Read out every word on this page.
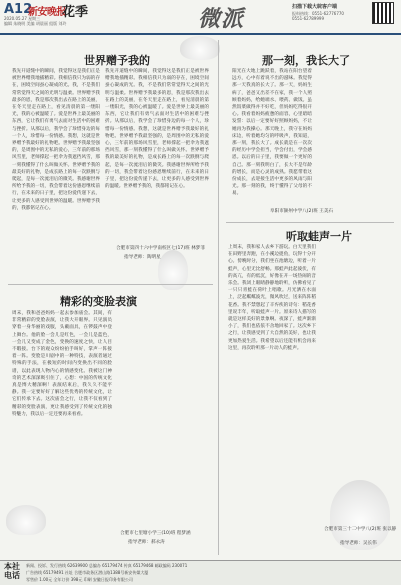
A12
新安晚报
花季
2020.05.27 星期三
编辑 朱晓明 美编 胡晨丽 组版 刘玲	微派	扫描下载大皖客户端
报料热线：0551-62776770
0551-62789999
世界赠予我的
我先开道缝中的瞬间，我觉得这是我们正是被世界赠我地插精彩。我相信我只为弱的存在，困境空间蚕心凝成的光。我，不是我们常常觉得天之间的光明与温柔。世界赠予我最多的恩，我是那次我出去在路上的美丽，在冬天里走在路上，看见清晨的第一缕阳光，我的心被温暖了。爱是世界上最美丽的东西，它让我们有勇气去面对生活中的困难与挫折。从那以后，我学会了珍惜身边的每一个人，珍惜每一份情感。我想，这就是世界赠予我最好的礼物吧。世界赠予我最坚强的，是周围中的无私的爱心，三年前的那场风雪里，老师撑起一把伞为我遮挡风雪，那一刻我懂得了什么叫做关怀。世界赠予我的最美好的礼物，是成长路上的每一次跌倒与爬起，是每一次流泪后的微笑。我感谢世界所给予我的一切，我会带着这份感恩继续前行，在未来的日子里，把这份爱传递下去，让更多的人感受到世界的温暖。世界赠予我的，我都铭记在心。
我先开道缝中的瞬间，我觉得这是我们正是被世界赠我地插精彩。我相信我只为弱的存在，困境空间蚕心凝成的光。我，不是我们常常觉得天之间的光明与温柔。世界赠予我最多的恩，我是那次我出去在路上的美丽，在冬天里走在路上，看见清晨的第一缕阳光，我的心被温暖了。爱是世界上最美丽的东西，它让我们有勇气去面对生活中的困难与挫折。从那以后，我学会了珍惜身边的每一个人，珍惜每一份情感。我想，这就是世界赠予我最好的礼物吧。世界赠予我最坚强的，是周围中的无私的爱心，三年前的那场风雪里，老师撑起一把伞为我遮挡风雪，那一刻我懂得了什么叫做关怀。世界赠予我的最美好的礼物，是成长路上的每一次跌倒与爬起，是每一次流泪后的微笑。我感谢世界所给予我的一切，我会带着这份感恩继续前行，在未来的日子里，把这份爱传递下去，让更多的人感受到世界的温暖。世界赠予我的，我都铭记在心。
合肥市第四十六中学南校区七(17)班 林梦菲
指导老师：陶明星
那一刻，我长大了
阳光在大地上跳跃着，我站在阳台望着远方，心中有着说不出的滋味。我觉得那一天我真的长大了。那一天，妈妈生病了，爸爸又出差不在家，我一个人照顾着妈妈，给她端水、喂药、做饭。虽然饭菜做得并不好吃，但妈妈吃得很开心。我看着妈妈疲惫的面容，心里暗暗发誓：以后一定要好好照顾妈妈，不让她再为我操心。那天晚上，我守在妈妈床边，听着她均匀的呼吸声，我知道，那一刻，我长大了。成长就是在一次次的经历中学会担当，学会付出，学会感恩。以后的日子里，我要做一个更好的自己。那一刻我明白了，长大不是年龄的增长，而是心灵的成熟。我愿带着这份成长，去迎接生活中更多的风雨与阳光。那一刻的我，终于懂得了父母的不易。
阜阳市颍州中学八(2)班 王美石
精彩的变脸表演
周末，我和爸爸妈妈一起去参加庙会。其间，有非常精彩的变脸表演，让我大开眼界。只见演员穿着一身华丽的戏服，头戴面具，在锣鼓声中登上舞台。他的脸一会儿是红色，一会儿是蓝色，一会儿又变成了金色，变换的速度之快，让人目不暇接。台下的观众纷纷拍手叫好，掌声一阵接着一阵。变脸是川剧中的一种特技，表演者通过特殊的手法，在极短的时间内变换出不同的脸谱，以此表现人物内心的情感变化。我被这门神奇的艺术深深吸引住了，心想：中国的传统文化真是博大精深啊！表演结束后，我久久不能平静。我一定要好好了解这些优秀的传统文化，让它们传承下去。这次庙会之行，让我不仅看到了精彩的变脸表演，更让我感受到了传统文化的独特魅力，我以后一定还要再来看看。
合肥市七里塘小学三(10)班 程梦涵
指导老师：郝永涛
听取蛙声一片
上周末，我和家人去乡下游玩。白天里我们在田野里奔跑，在小溪边捉鱼，玩得十分开心。傍晚时分，我们坐在池塘边，听着一片蛙声，心里无比舒畅。那蛙声此起彼伏，有的高亢，有的低沉，好像在开一场热闹的音乐会。我闭上眼睛静静地聆听，仿佛看见了一只只青蛙在荷叶上唱歌。月光洒在水面上，泛起粼粼波光，微风吹过，送来阵阵稻花香。我不禁想起了辛弃疾的诗句：稻花香里说丰年，听取蛙声一片。原来诗人描写的就是这样美好的景象啊。夜深了，蛙声渐渐小了，我们也依依不舍地回家了。这次乡下之行，让我感受到了大自然的美好，也让我更加热爱生活。我希望以后还能有机会再来这里，再次聆听那一片动人的蛙声。
合肥市第三十二中学八(2)班 张以静
指导老师：吴长伟
本社电话
新闻、投诉、发行热线 62639900 总编办 65179474 传真 65179468 邮政编码 230071
广告热线 65179491 社址 合肥市政务区潜山路1388号新安传媒大厦
零售价 1.00元 全年订价 398元 印刷 安徽日报印务有限公司
